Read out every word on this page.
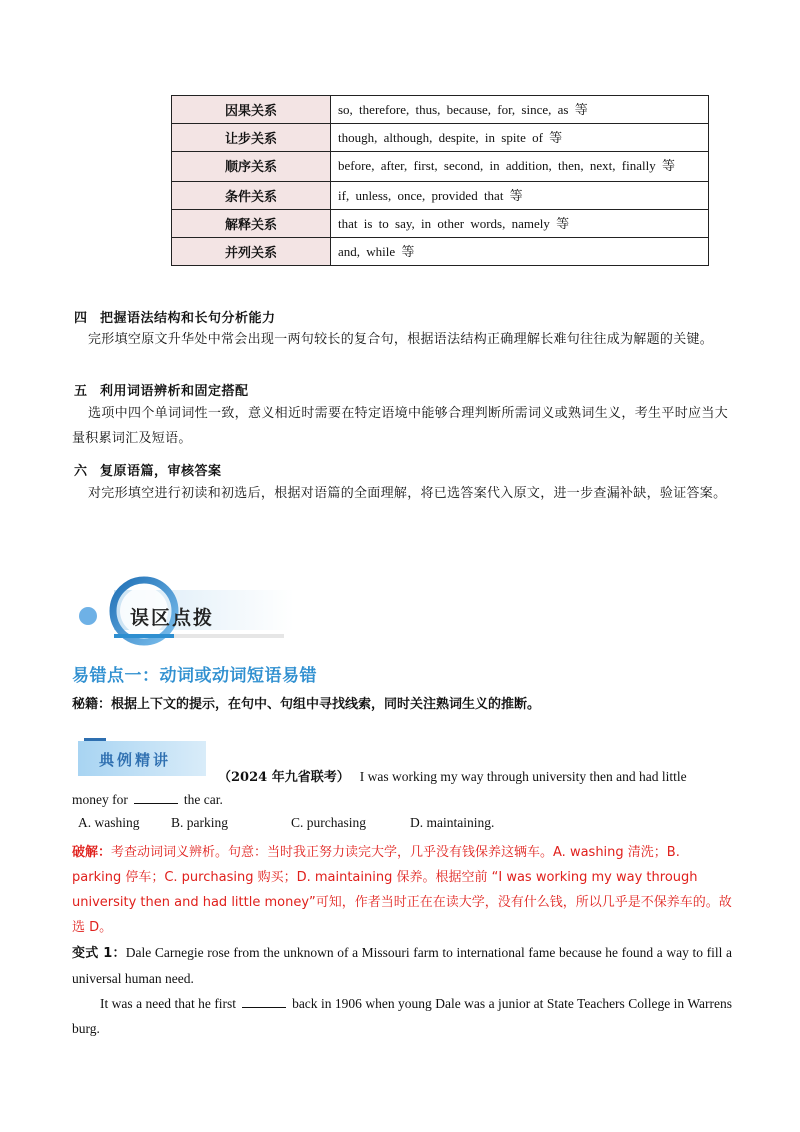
因果关系	so, therefore, thus, because, for, since, as 等
让步关系	though, although, despite, in spite of 等
顺序关系	before, after, first, second, in addition, then, next, finally 等
条件关系	if, unless, once, provided that 等
解释关系	that is to say, in other words, namely 等
并列关系	and, while 等
四 把握语法结构和长句分析能力
完形填空原文升华处中常会出现一两句较长的复合句，根据语法结构正确理解长难句往往成为解题的关键。
五 利用词语辨析和固定搭配
选项中四个单词词性一致，意义相近时需要在特定语境中能够合理判断所需词义或熟词生义，考生平时应当大量积累词汇及短语。
六 复原语篇，审核答案
对完形填空进行初读和初选后，根据对语篇的全面理解，将已选答案代入原文，进一步查漏补缺，验证答案。
误区点拨
易错点一：动词或动词短语易错
秘籍：根据上下文的提示，在句中、句组中寻找线索，同时关注熟词生义的推断。
典例精讲
（2024 年九省联考） I was working my way through university then and had little
money for	the car.
A. washing B. parking	C. purchasing	D. maintaining.
破解：考查动词词义辨析。句意：当时我正努力读完大学，几乎没有钱保养这辆车。A. washing 清洗；B. parking 停车；C. purchasing 购买；D. maintaining 保养。根据空前 “I was working my way through university then and had little money”可知，作者当时正在在读大学，没有什么钱，所以几乎是不保养车的。故选 D。
变式 1：Dale Carnegie rose from the unknown of a Missouri farm to international fame because he found a way to fill a universal human need.
It was a need that he first	back in 1906 when young Dale was a junior at State Teachers College in Warrens burg.
